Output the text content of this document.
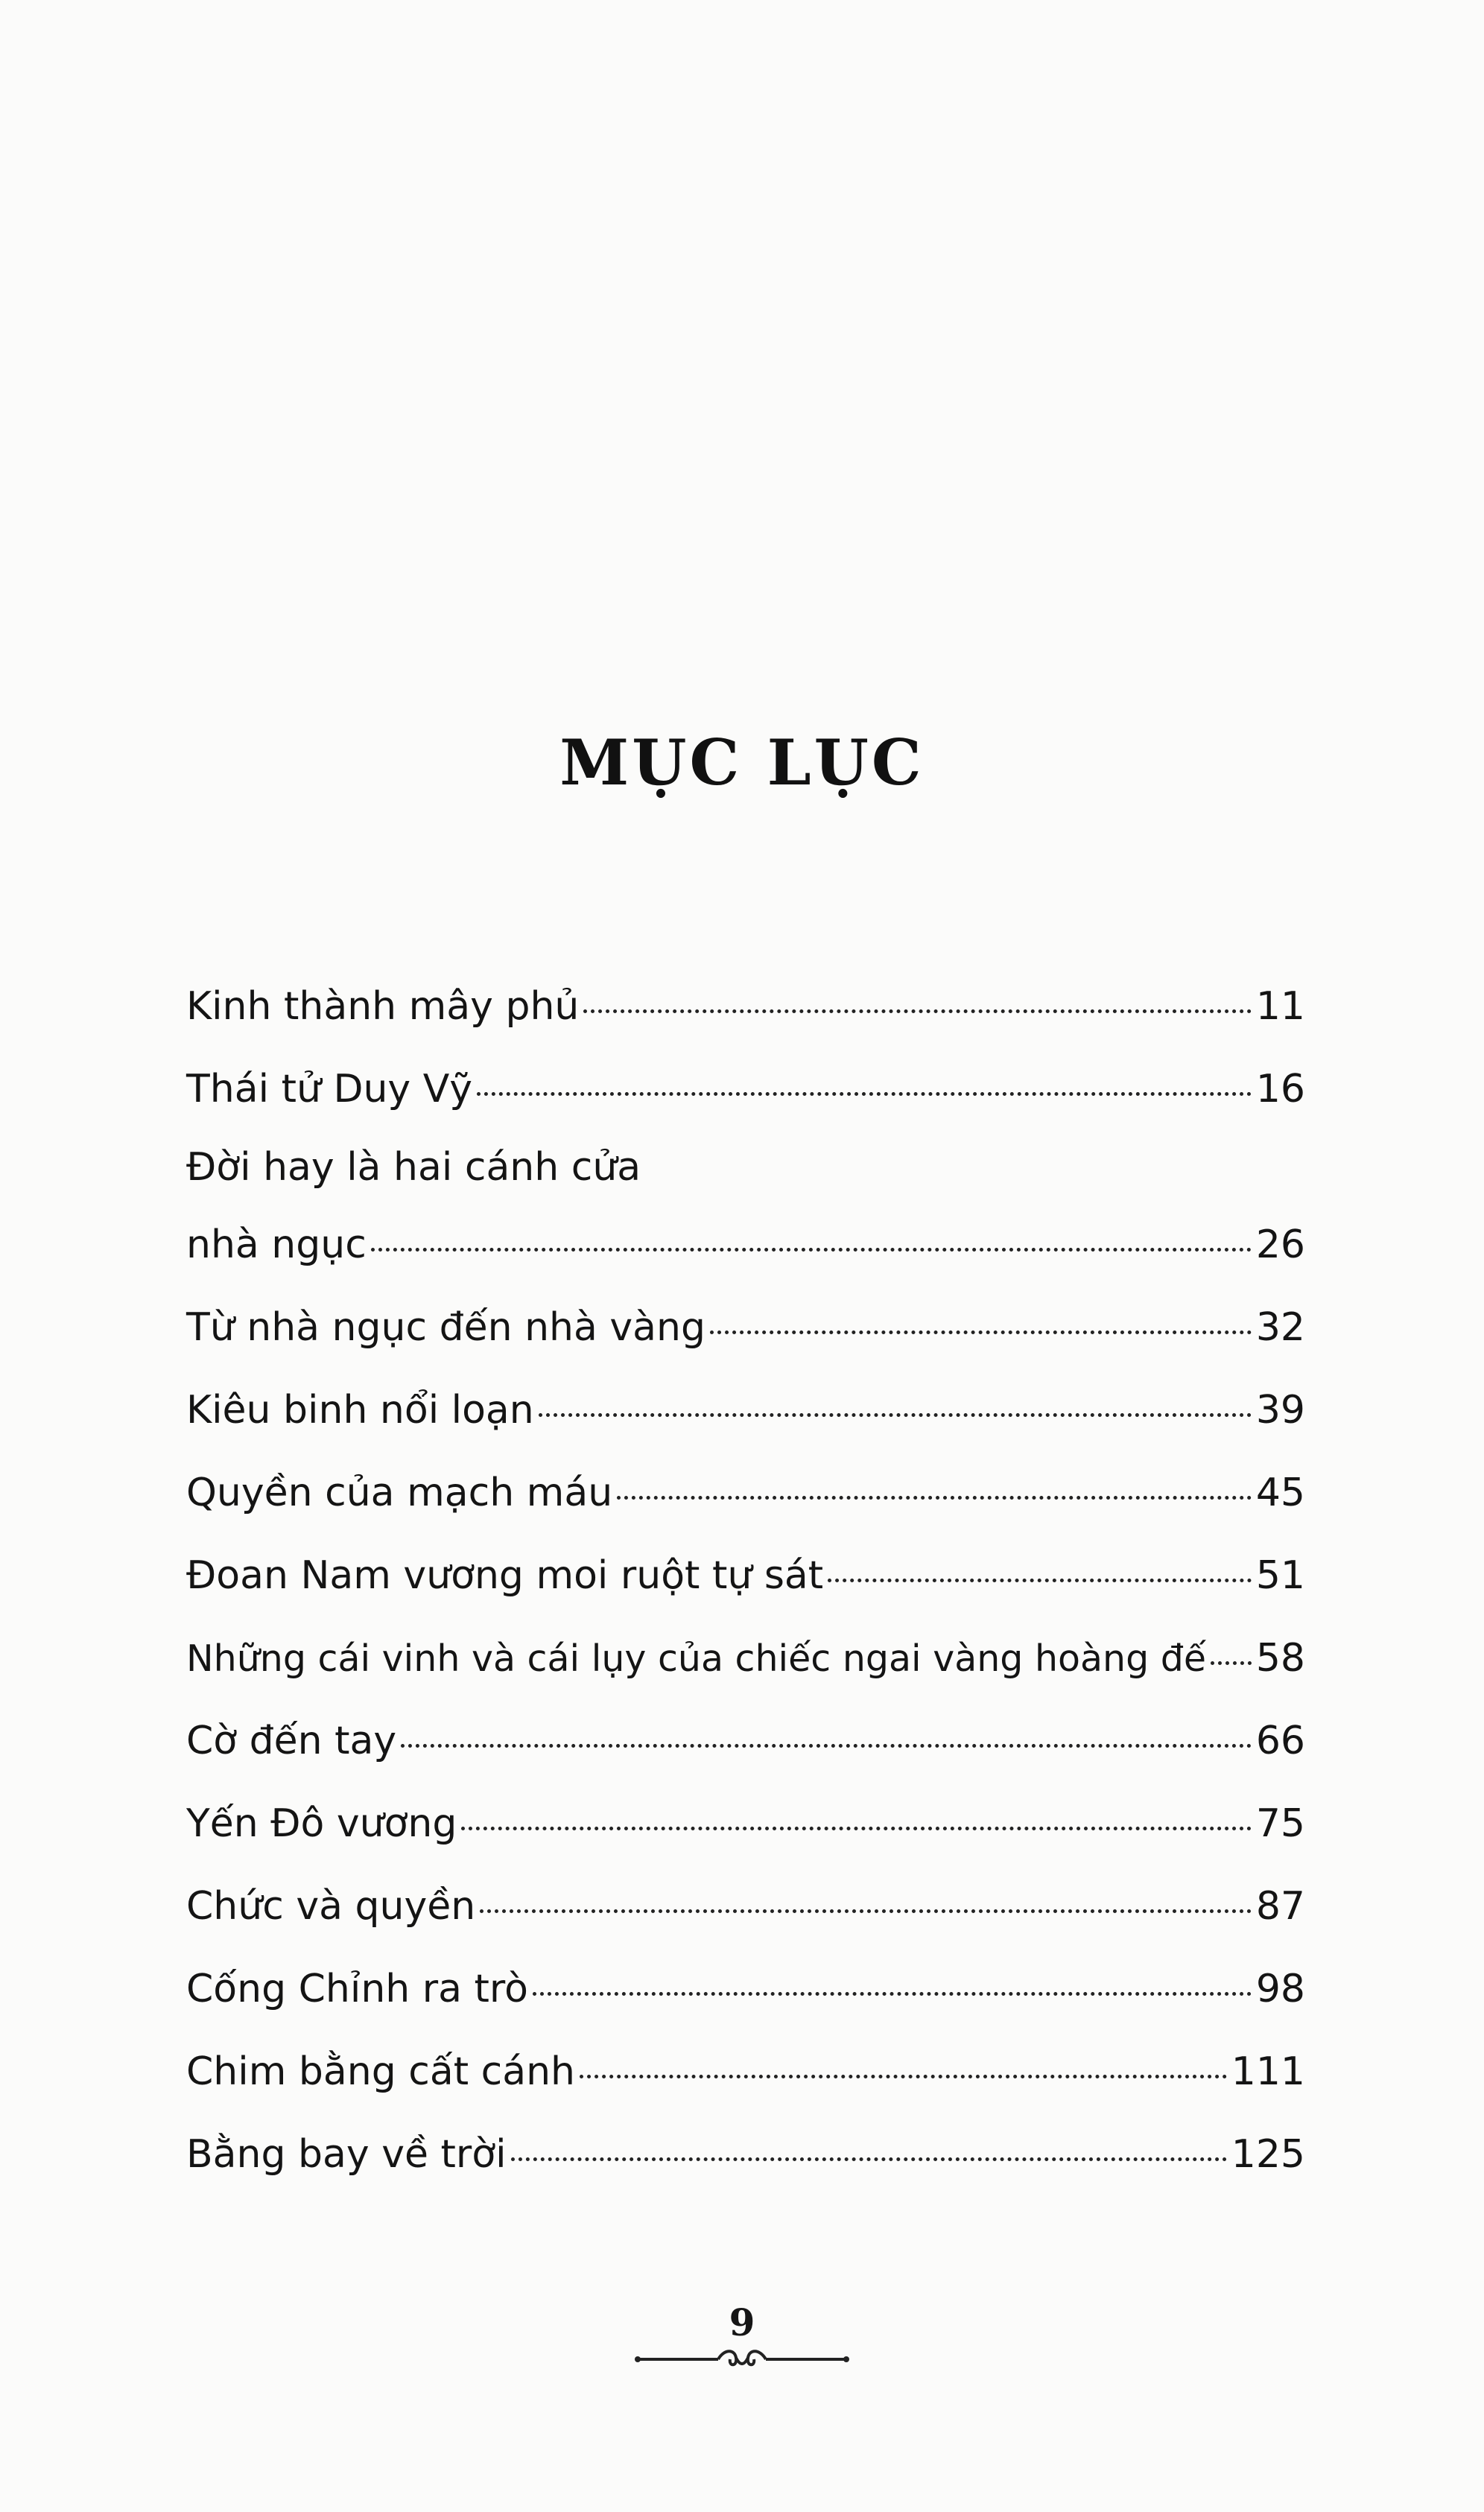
MỤC LỤC
Kinh thành mây phủ	11
Thái tử Duy Vỹ	16
Đời hay là hai cánh cửa
nhà ngục	26
Từ nhà ngục đến nhà vàng	32
Kiêu binh nổi loạn	39
Quyền của mạch máu	45
Đoan Nam vương moi ruột tự sát	51
Những cái vinh và cái lụy của chiếc ngai vàng hoàng đế 58
Cờ đến tay	66
Yến Đô vương	75
Chức và quyền	87
Cống Chỉnh ra trò	98
Chim bằng cất cánh	111
Bằng bay về trời	125
9
